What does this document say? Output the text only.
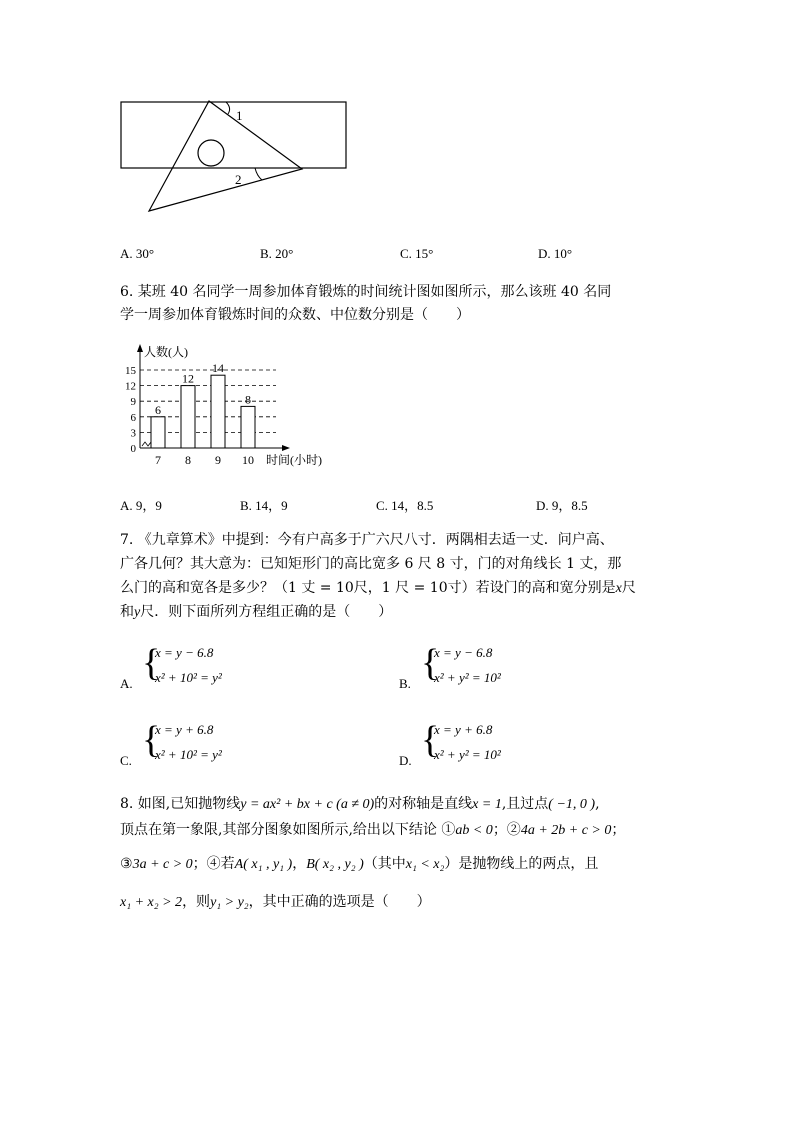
1
2
A. 30°	B. 20°	C. 15°	D. 10°
6. 某班 40 名同学一周参加体育锻炼的时间统计图如图所示，那么该班 40 名同
学一周参加体育锻炼时间的众数、中位数分别是（　　）
0
3
6
9
12
15
人数(人)
时间(小时)
6
7
12
8
14
9
8
10
A. 9，9	B. 14，9	C. 14，8.5	D. 9，8.5
7. 《九章算术》中提到：今有户高多于广六尺八寸．两隅相去适一丈．问户高、
广各几何？其大意为：已知矩形门的高比宽多 6 尺 8 寸，门的对角线长 1 丈，那
么门的高和宽各是多少？（1 丈 = 10尺，1 尺 = 10寸）若设门的高和宽分别是x尺
和y尺．则下面所列方程组正确的是（　　）
A. {
x = y − 6.8
x² + 10² = y²	B. {
x = y − 6.8
x² + y² = 10²
C. {
x = y + 6.8
x² + 10² = y²	D. {
x = y + 6.8
x² + y² = 10²
8. 如图,已知抛物线y = ax² + bx + c (a ≠ 0)的对称轴是直线x = 1,且过点( −1, 0 ),
顶点在第一象限,其部分图象如图所示,给出以下结论 ①ab < 0；②4a + 2b + c > 0；
③3a + c > 0；④若A( x₁ , y₁ )，B( x₂ , y₂ )（其中x₁ < x₂）是抛物线上的两点，且
x₁ + x₂ > 2，则y₁ > y₂，其中正确的选项是（　　）
